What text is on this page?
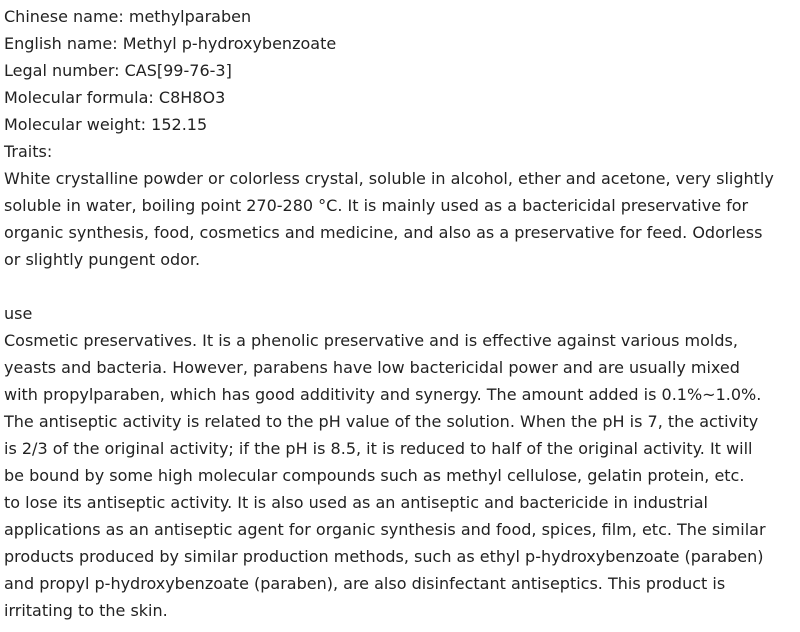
Chinese name: methylparaben
English name: Methyl p-hydroxybenzoate
Legal number: CAS[99-76-3]
Molecular formula: C8H8O3
Molecular weight: 152.15
Traits:
White crystalline powder or colorless crystal, soluble in alcohol, ether and acetone, very slightly
soluble in water, boiling point 270-280 °C. It is mainly used as a bactericidal preservative for
organic synthesis, food, cosmetics and medicine, and also as a preservative for feed. Odorless
or slightly pungent odor.
use
Cosmetic preservatives. It is a phenolic preservative and is effective against various molds,
yeasts and bacteria. However, parabens have low bactericidal power and are usually mixed
with propylparaben, which has good additivity and synergy. The amount added is 0.1%~1.0%.
The antiseptic activity is related to the pH value of the solution. When the pH is 7, the activity
is 2/3 of the original activity; if the pH is 8.5, it is reduced to half of the original activity. It will
be bound by some high molecular compounds such as methyl cellulose, gelatin protein, etc.
to lose its antiseptic activity. It is also used as an antiseptic and bactericide in industrial
applications as an antiseptic agent for organic synthesis and food, spices, film, etc. The similar
products produced by similar production methods, such as ethyl p-hydroxybenzoate (paraben)
and propyl p-hydroxybenzoate (paraben), are also disinfectant antiseptics. This product is
irritating to the skin.
